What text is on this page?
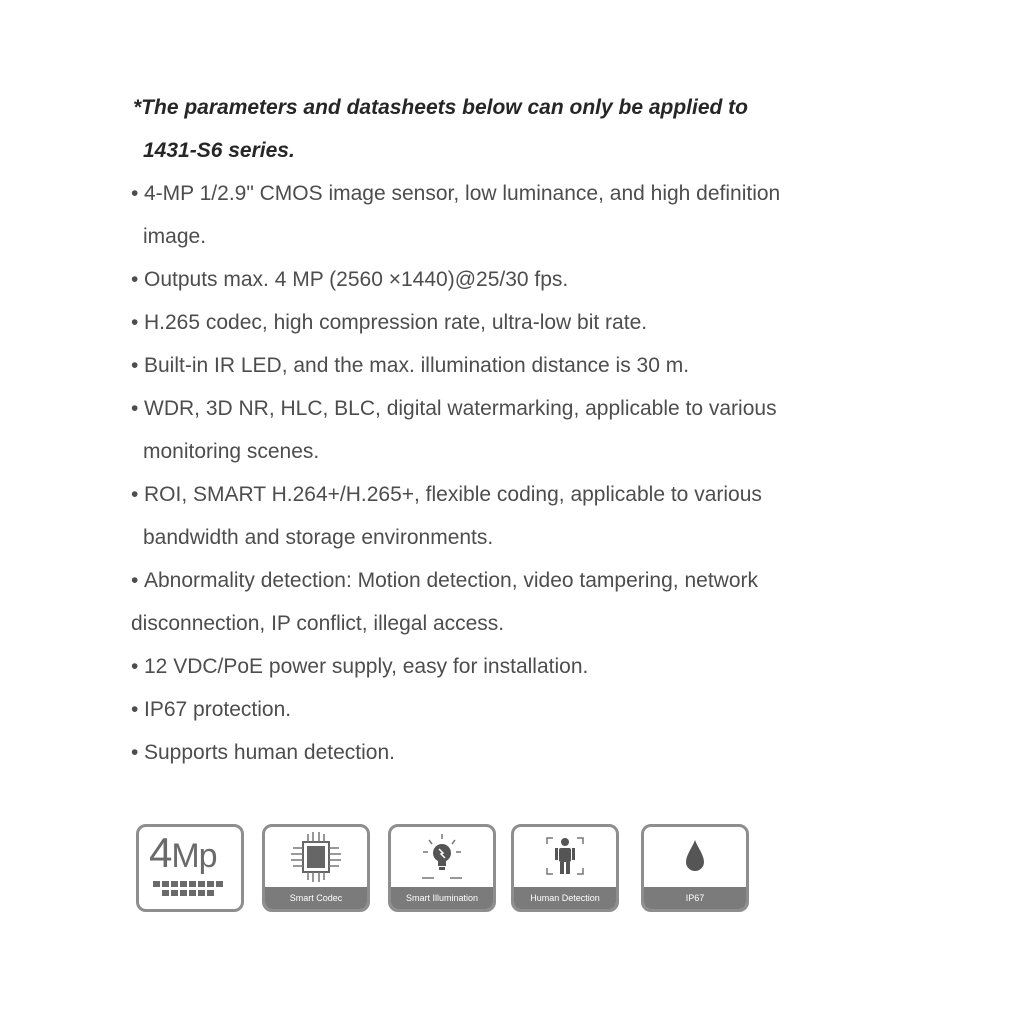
*The parameters and datasheets below can only be applied to
1431-S6 series.

• 4-MP 1/2.9" CMOS image sensor, low luminance, and high definition
image.
• Outputs max. 4 MP (2560 ×1440)@25/30 fps.
• H.265 codec, high compression rate, ultra-low bit rate.
• Built-in IR LED, and the max. illumination distance is 30 m.
• WDR, 3D NR, HLC, BLC, digital watermarking, applicable to various
monitoring scenes.
• ROI, SMART H.264+/H.265+, flexible coding, applicable to various
bandwidth and storage environments.
• Abnormality detection: Motion detection, video tampering, network
disconnection, IP conflict, illegal access.
• 12 VDC/PoE power supply, easy for installation.
• IP67 protection.
• Supports human detection.
4Mp
Smart Codec	Smart Illumination	Human Detection	IP67
